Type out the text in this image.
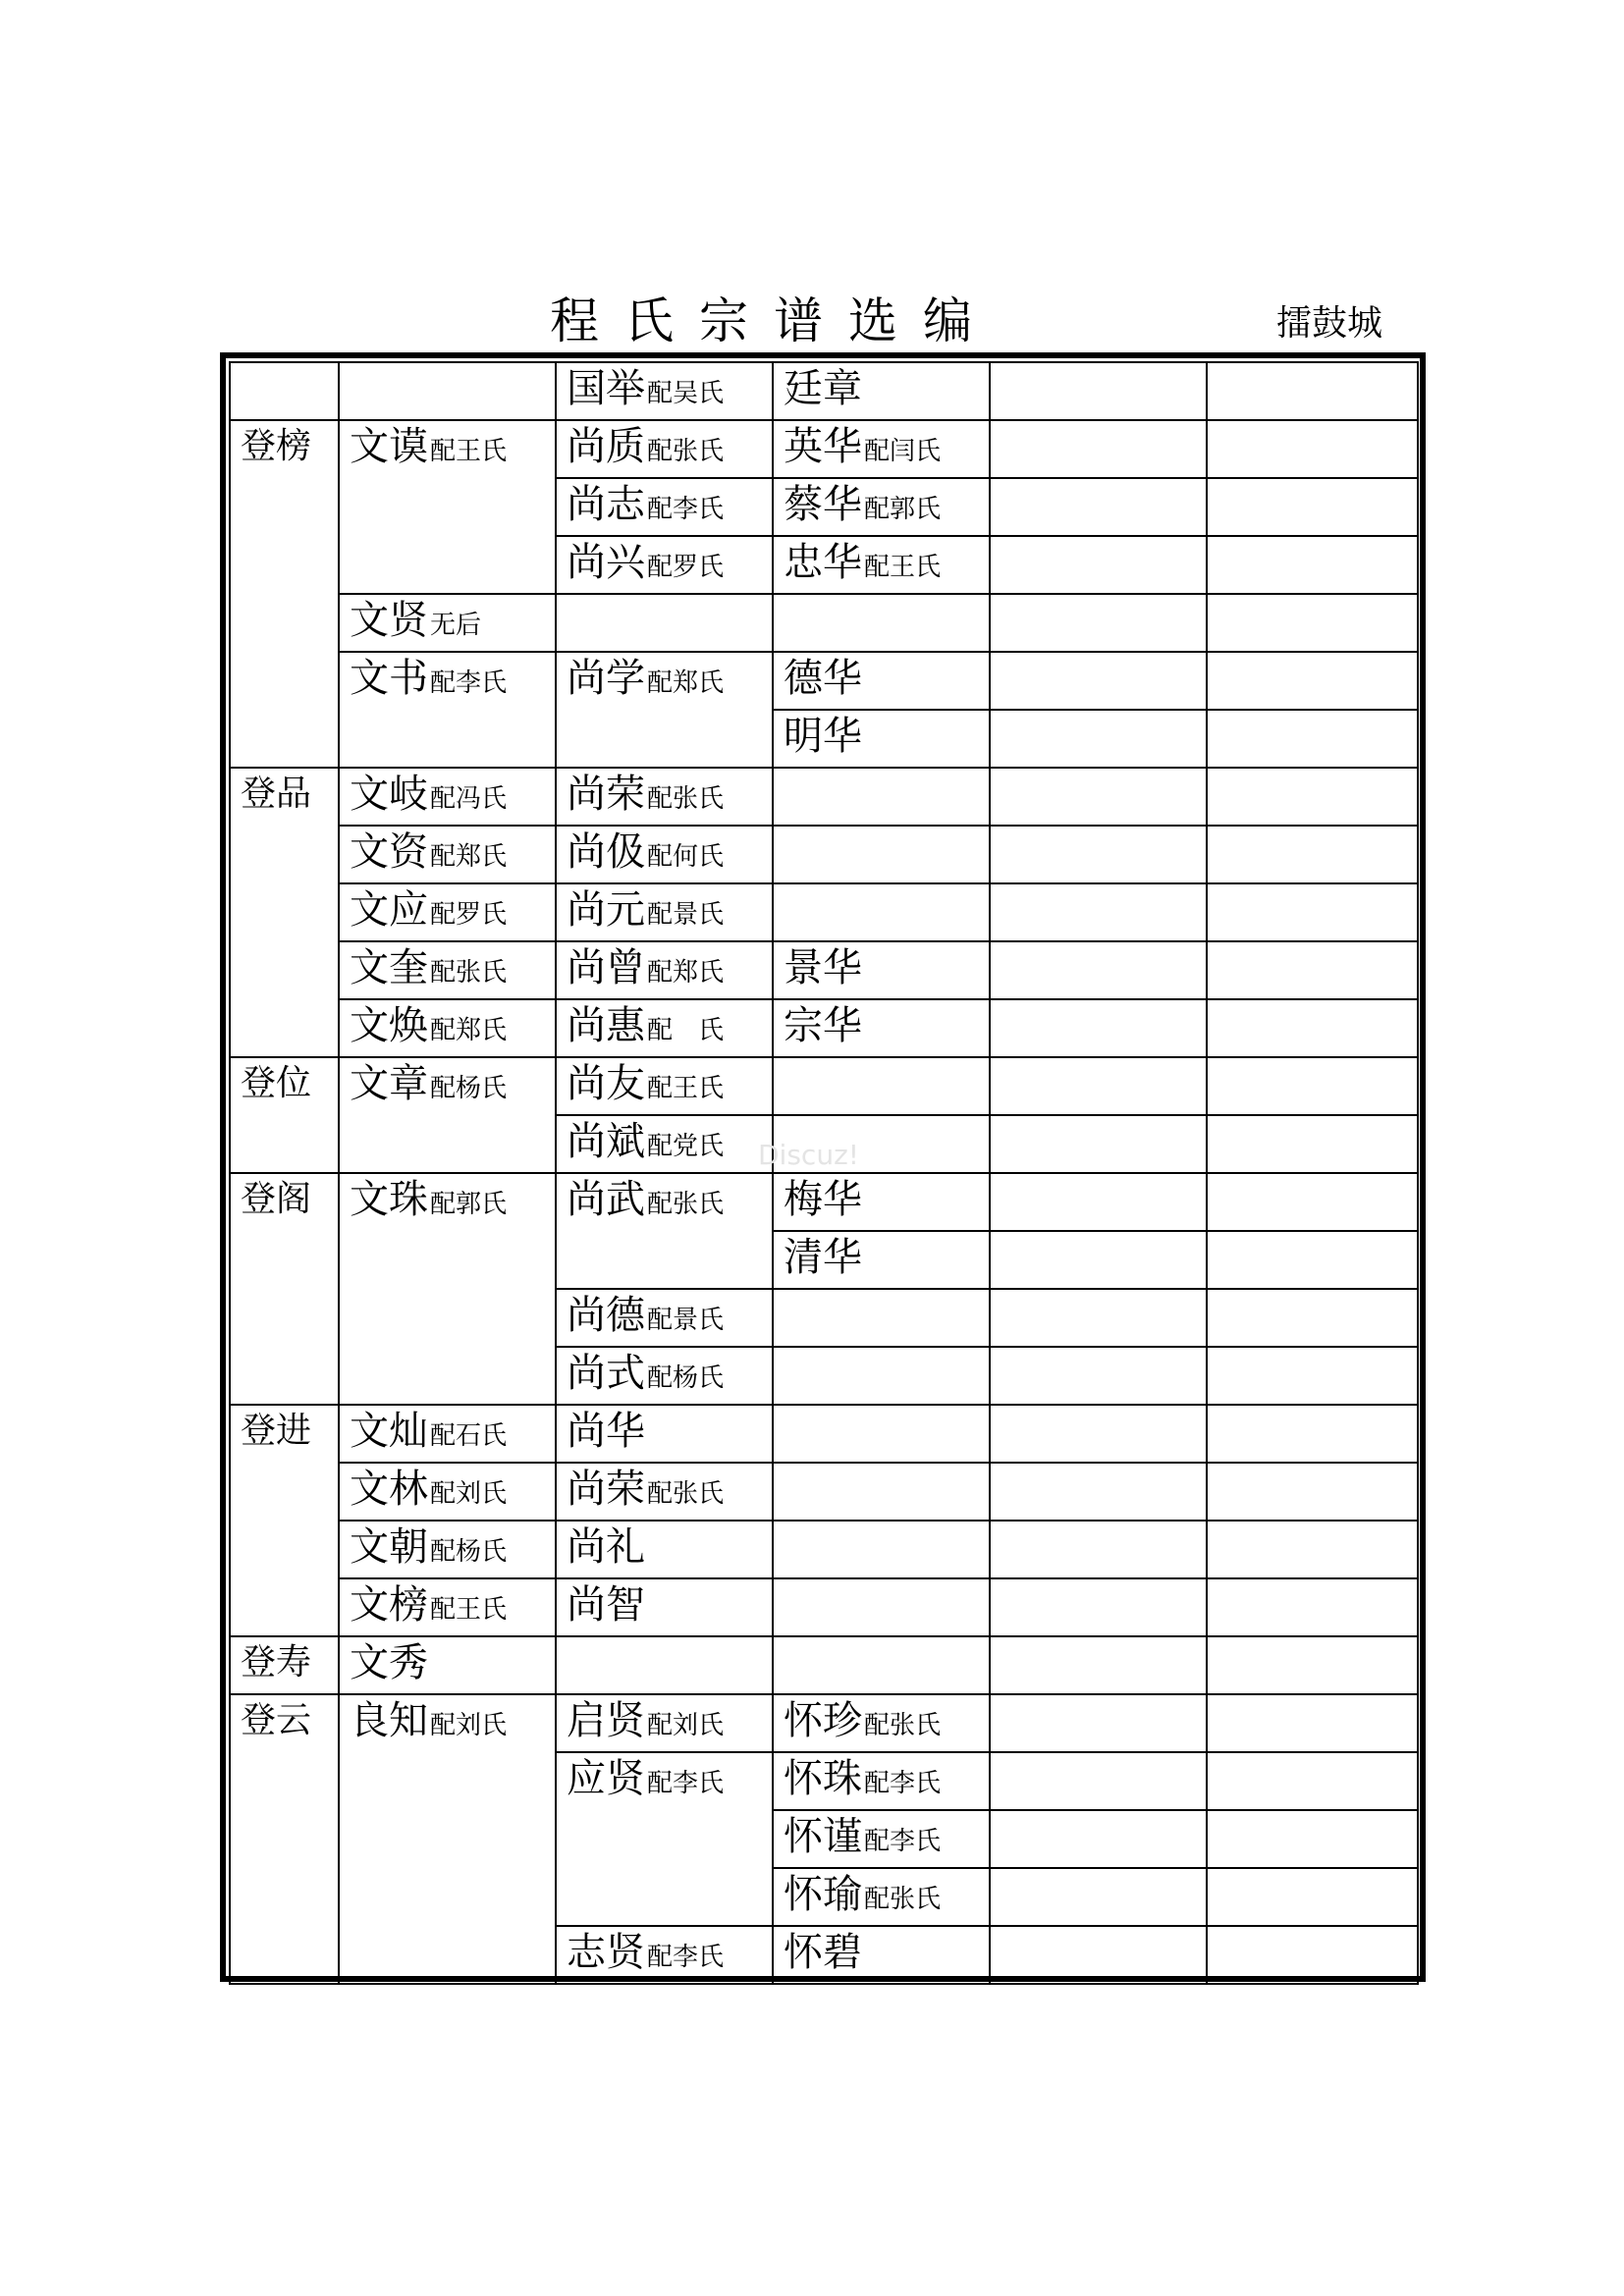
程氏宗谱选编	擂鼓城
		国举配吴氏	廷章		
登榜	文谟配王氏	尚质配张氏	英华配闫氏		
		尚志配李氏	蔡华配郭氏		
		尚兴配罗氏	忠华配王氏		
	文贤无后				
	文书配李氏	尚学配郑氏	德华		
			明华		
登品	文岐配冯氏	尚荣配张氏			
	文资配郑氏	尚伋配何氏			
	文应配罗氏	尚元配景氏			
	文奎配张氏	尚曾配郑氏	景华		
	文焕配郑氏	尚惠配　氏	宗华		
登位	文章配杨氏	尚友配王氏			
		尚斌配党氏			
登阁	文珠配郭氏	尚武配张氏	梅华		
			清华		
		尚德配景氏			
		尚式配杨氏			
登进	文灿配石氏	尚华			
	文林配刘氏	尚荣配张氏			
	文朝配杨氏	尚礼			
	文榜配王氏	尚智			
登寿	文秀				
登云	良知配刘氏	启贤配刘氏	怀珍配张氏		
		应贤配李氏	怀珠配李氏		
			怀谨配李氏		
			怀瑜配张氏		
		志贤配李氏	怀碧		
Discuz!
